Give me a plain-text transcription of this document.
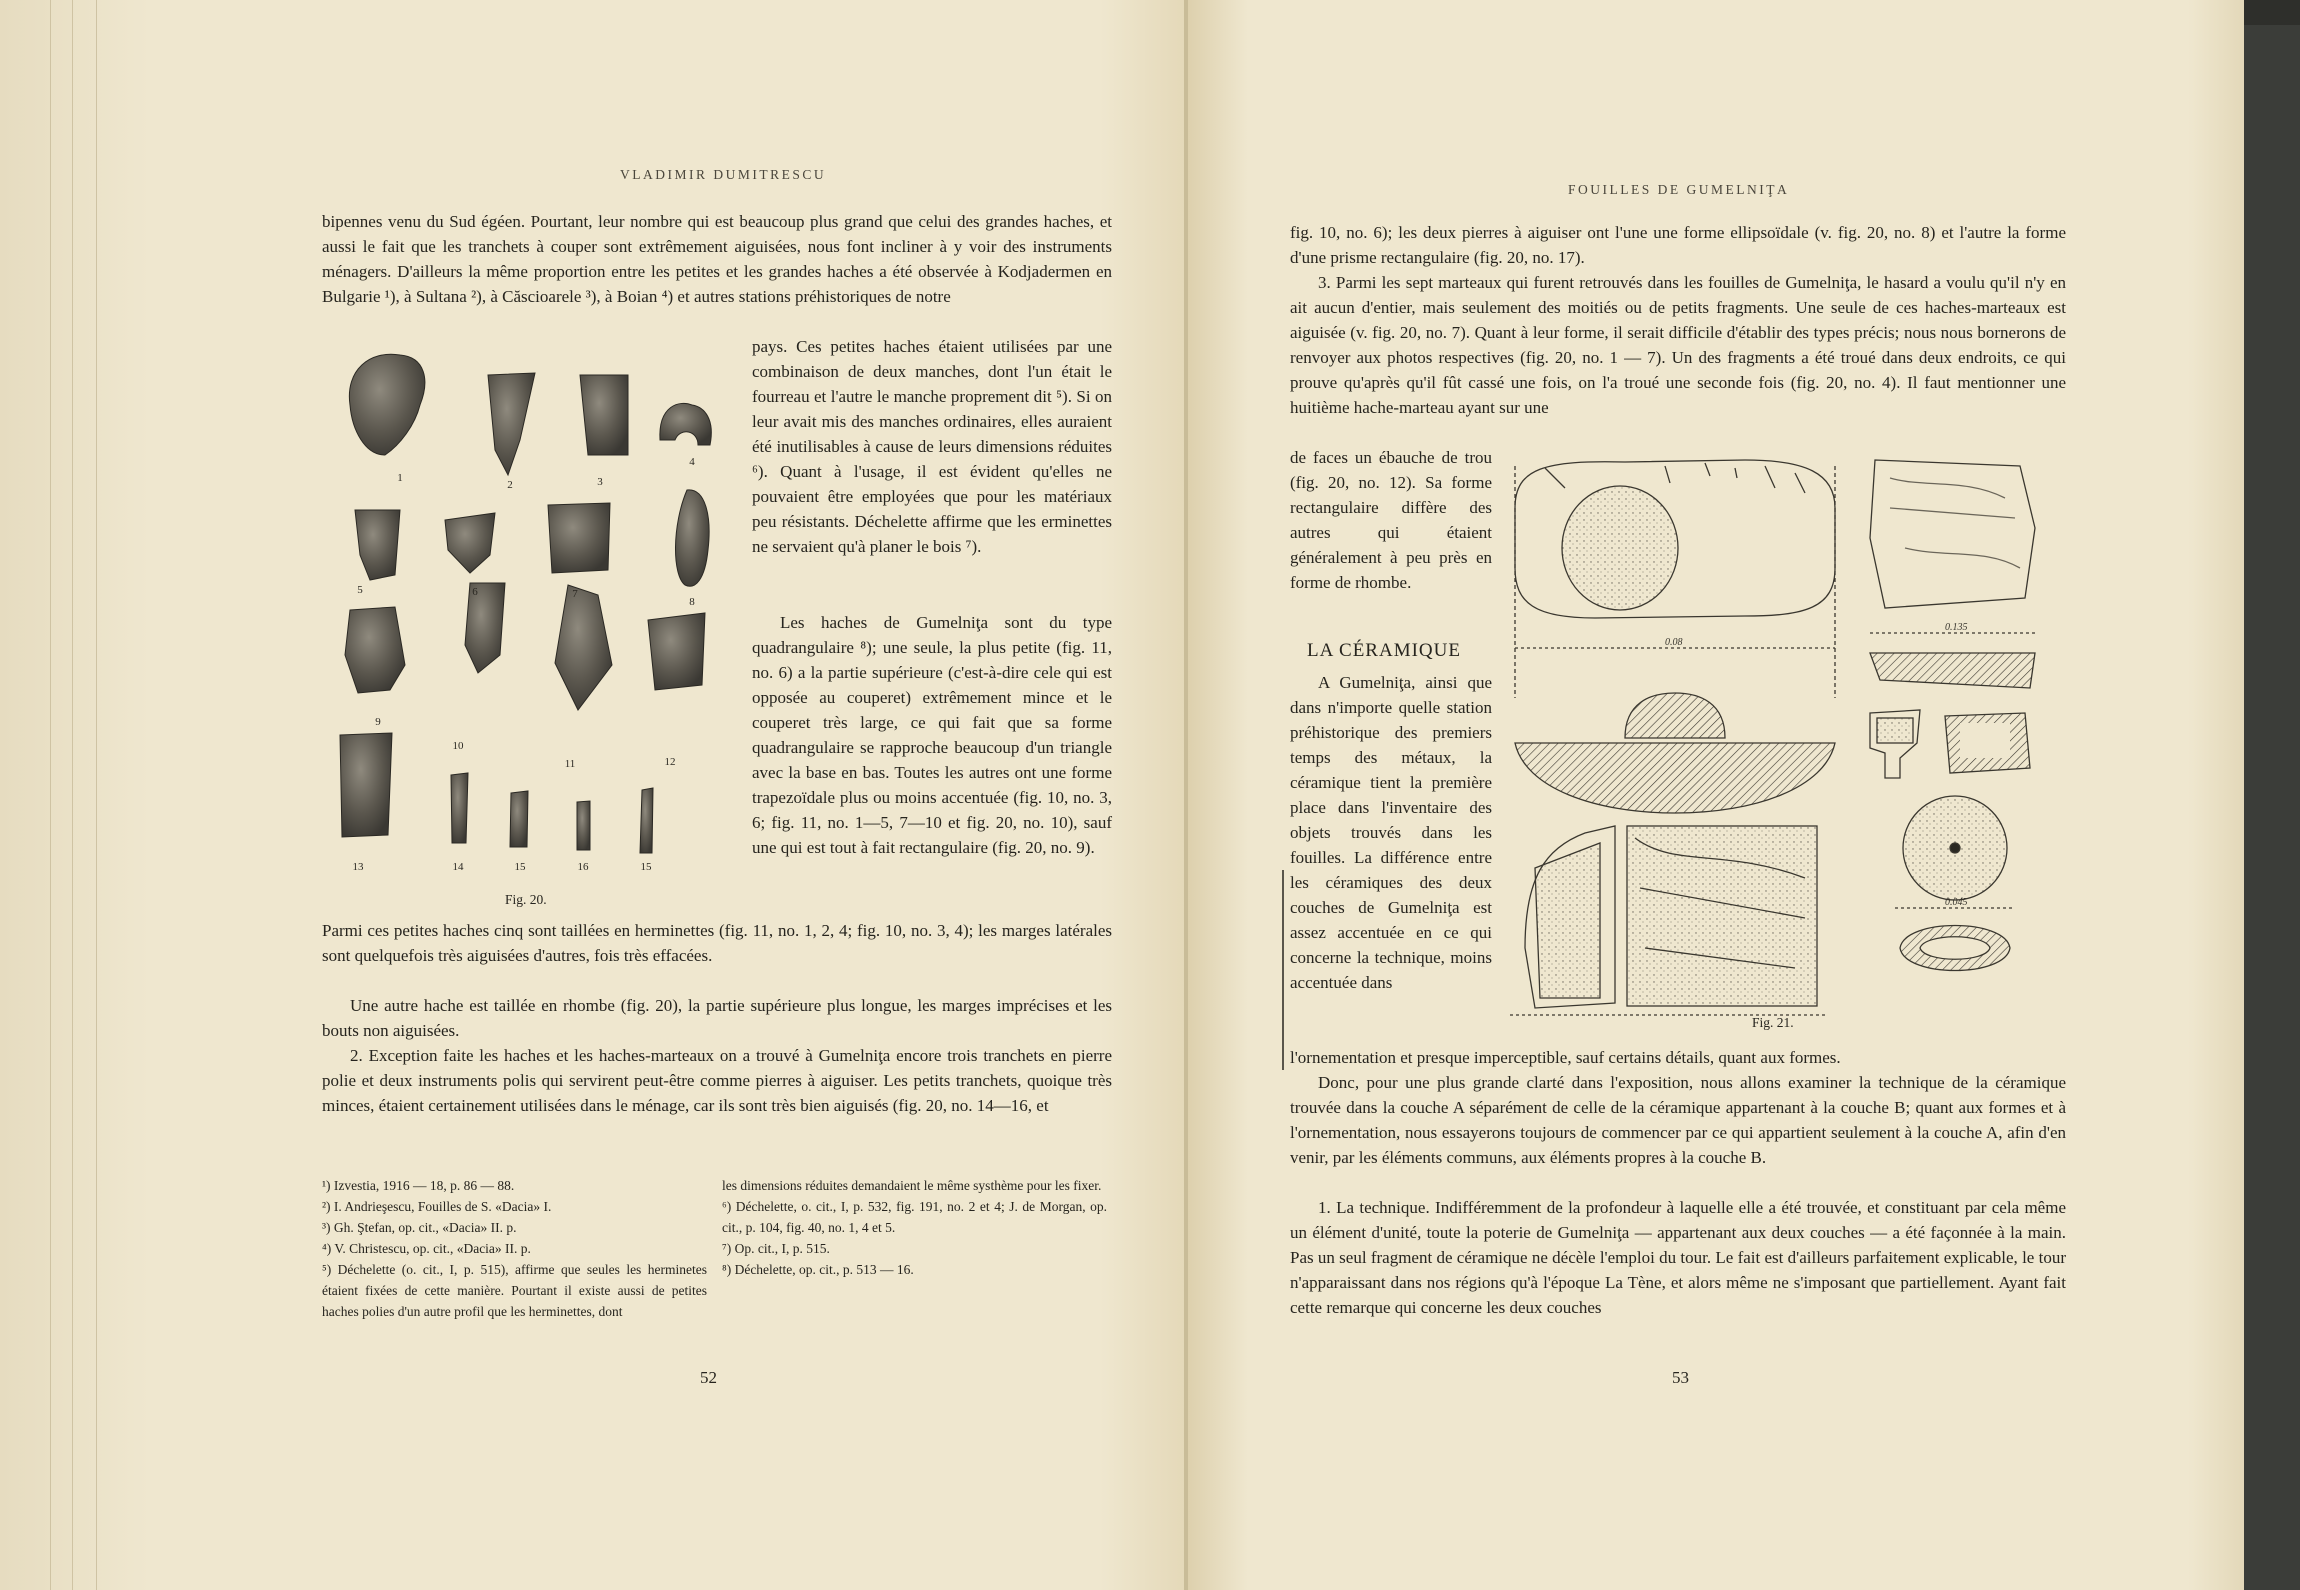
VLADIMIR DUMITRESCU

bipennes venu du Sud égéen. Pourtant, leur nombre qui est beaucoup plus grand que celui des grandes haches, et aussi le fait que les tranchets à couper sont extrêmement aiguisées, nous font incliner à y voir des instruments ménagers. D'ailleurs la même proportion entre les petites et les grandes haches a été observée à Kodjadermen en Bulgarie ¹), à Sultana ²), à Căscioarele ³), à Boian ⁴) et autres stations préhistoriques de notre

pays. Ces petites haches étaient utilisées par une combinaison de deux manches, dont l'un était le fourreau et l'autre le manche proprement dit ⁵). Si on leur avait mis des manches ordinaires, elles auraient été inutilisables à cause de leurs dimensions réduites ⁶). Quant à l'usage, il est évident qu'elles ne pouvaient être employées que pour les matériaux peu résistants. Déchelette affirme que les erminettes ne servaient qu'à planer le bois ⁷).

Les haches de Gumelniţa sont du type quadrangulaire ⁸); une seule, la plus petite (fig. 11, no. 6) a la partie supérieure (c'est-à-dire cele qui est opposée au couperet) extrêmement mince et le couperet très large, ce qui fait que sa forme quadrangulaire se rapproche beaucoup d'un triangle avec la base en bas. Toutes les autres ont une forme trapezoïdale plus ou moins accentuée (fig. 10, no. 3, 6; fig. 11, no. 1—5, 7—10 et fig. 20, no. 10), sauf une qui est tout à fait rectangulaire (fig. 20, no. 9).

1
2	3
4
5	6	7
8
9
10
11	12
13	14	15	16	15
Fig. 20.

Parmi ces petites haches cinq sont taillées en herminettes (fig. 11, no. 1, 2, 4; fig. 10, no. 3, 4); les marges latérales sont quelquefois très aiguisées d'autres, fois très effacées.

Une autre hache est taillée en rhombe (fig. 20), la partie supérieure plus longue, les marges imprécises et les bouts non aiguisées.

2. Exception faite les haches et les haches-marteaux on a trouvé à Gumelniţa encore trois tranchets en pierre polie et deux instruments polis qui servirent peut-être comme pierres à aiguiser. Les petits tranchets, quoique très minces, étaient certainement utilisées dans le ménage, car ils sont très bien aiguisés (fig. 20, no. 14—16, et

¹) Izvestia, 1916 — 18, p. 86 — 88.

²) I. Andrieşescu, Fouilles de S. «Dacia» I.

³) Gh. Ştefan, op. cit., «Dacia» II. p.

⁴) V. Christescu, op. cit., «Dacia» II. p.

⁵) Déchelette (o. cit., I, p. 515), affirme que seules les herminetes étaient fixées de cette manière. Pourtant il existe aussi de petites haches polies d'un autre profil que les herminettes, dont

les dimensions réduites demandaient le même systhème pour les fixer.

⁶) Déchelette, o. cit., I, p. 532, fig. 191, no. 2 et 4; J. de Morgan, op. cit., p. 104, fig. 40, no. 1, 4 et 5.

⁷) Op. cit., I, p. 515.

⁸) Déchelette, op. cit., p. 513 — 16.

52
FOUILLES DE GUMELNIŢA

fig. 10, no. 6); les deux pierres à aiguiser ont l'une une forme ellipsoïdale (v. fig. 20, no. 8) et l'autre la forme d'une prisme rectangulaire (fig. 20, no. 17).

3. Parmi les sept marteaux qui furent retrouvés dans les fouilles de Gumelniţa, le hasard a voulu qu'il n'y en ait aucun d'entier, mais seulement des moitiés ou de petits fragments. Une seule de ces haches-marteaux est aiguisée (v. fig. 20, no. 7). Quant à leur forme, il serait difficile d'établir des types précis; nous nous bornerons de renvoyer aux photos respectives (fig. 20, no. 1 — 7). Un des fragments a été troué dans deux endroits, ce qui prouve qu'après qu'il fût cassé une fois, on l'a troué une seconde fois (fig. 20, no. 4). Il faut mentionner une huitième hache-marteau ayant sur une

de faces un ébauche de trou (fig. 20, no. 12). Sa forme rectangulaire diffère des autres qui étaient généralement à peu près en forme de rhombe.

LA CÉRAMIQUE

A Gumelniţa, ainsi que dans n'importe quelle station préhistorique des premiers temps des métaux, la céramique tient la première place dans l'inventaire des objets trouvés dans les fouilles. La différence entre les céramiques des deux couches de Gumelniţa est assez accentuée en ce qui concerne la technique, moins accentuée dans

l'ornementation et presque imperceptible, sauf certains détails, quant aux formes.

Donc, pour une plus grande clarté dans l'exposition, nous allons examiner la technique de la céramique trouvée dans la couche A séparément de celle de la céramique appartenant à la couche B; quant aux formes et à l'ornementation, nous essayerons toujours de commencer par ce qui appartient seulement à la couche A, afin d'en venir, par les éléments communs, aux éléments propres à la couche B.

1. La technique. Indifféremment de la profondeur à laquelle elle a été trouvée, et constituant par cela même un élément d'unité, toute la poterie de Gumelniţa — appartenant aux deux couches — a été façonnée à la main. Pas un seul fragment de céramique ne décèle l'emploi du tour. Le fait est d'ailleurs parfaitement explicable, le tour n'apparaissant dans nos régions qu'à l'époque La Tène, et alors même ne s'imposant que partiellement. Ayant fait cette remarque qui concerne les deux couches

0.135
0.08
0.045
Fig. 21.
53
